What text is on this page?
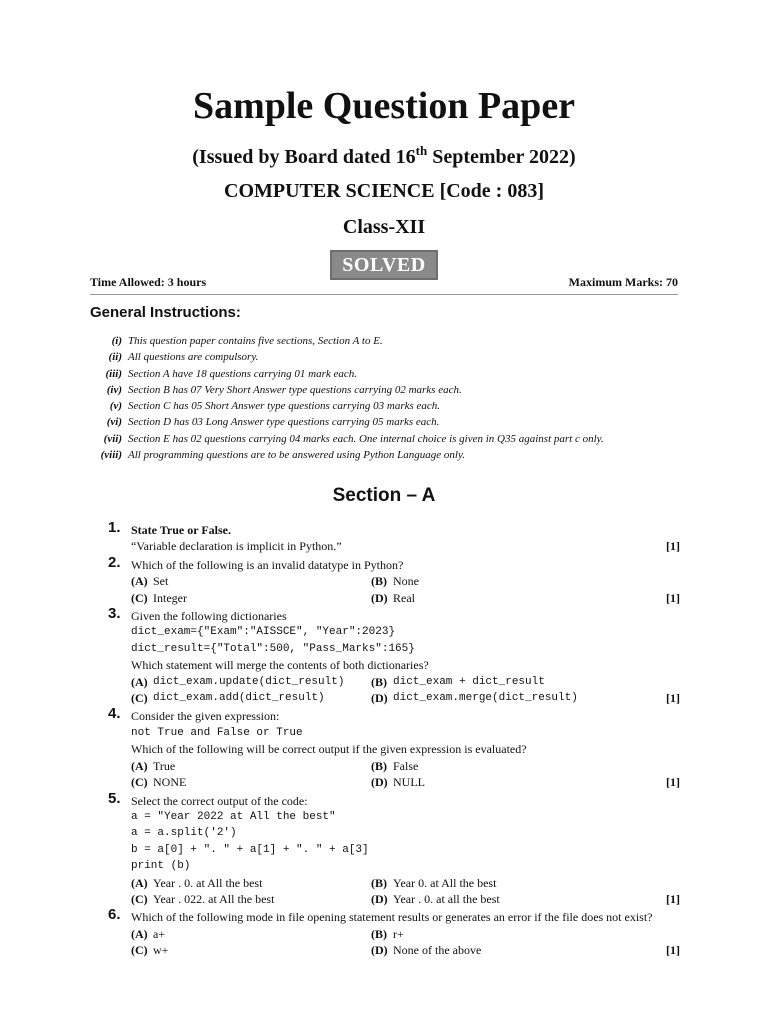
Sample Question Paper
(Issued by Board dated 16th September 2022)
COMPUTER SCIENCE [Code : 083]
Class-XII
SOLVED
Time Allowed: 3 hours	Maximum Marks: 70
General Instructions:
(i) This question paper contains five sections, Section A to E.
(ii) All questions are compulsory.
(iii) Section A have 18 questions carrying 01 mark each.
(iv) Section B has 07 Very Short Answer type questions carrying 02 marks each.
(v) Section C has 05 Short Answer type questions carrying 03 marks each.
(vi) Section D has 03 Long Answer type questions carrying 05 marks each.
(vii) Section E has 02 questions carrying 04 marks each. One internal choice is given in Q35 against part c only.
(viii) All programming questions are to be answered using Python Language only.
Section – A
1. State True or False.
“Variable declaration is implicit in Python.”	[1]
2. Which of the following is an invalid datatype in Python?
(A) Set	(B) None
(C) Integer	(D) Real	[1]
3. Given the following dictionaries
dict_exam={"Exam":"AISSCE", "Year":2023}
dict_result={"Total":500, "Pass_Marks":165}
Which statement will merge the contents of both dictionaries?
(A) dict_exam.update(dict_result) (B) dict_exam + dict_result
(C) dict_exam.add(dict_result)	(D) dict_exam.merge(dict_result)	[1]
4. Consider the given expression:
not True and False or True
Which of the following will be correct output if the given expression is evaluated?
(A) True	(B) False
(C) NONE	(D) NULL	[1]
5. Select the correct output of the code:
a = "Year 2022 at All the best"
a = a.split('2')
b = a[0] + ". " + a[1] + ". " + a[3]
print (b)
(A) Year . 0. at All the best	(B) Year 0. at All the best
(C) Year . 022. at All the best	(D) Year . 0. at all the best	[1]
6. Which of the following mode in file opening statement results or generates an error if the file does not exist?
(A) a+	(B) r+
(C) w+	(D) None of the above	[1]
